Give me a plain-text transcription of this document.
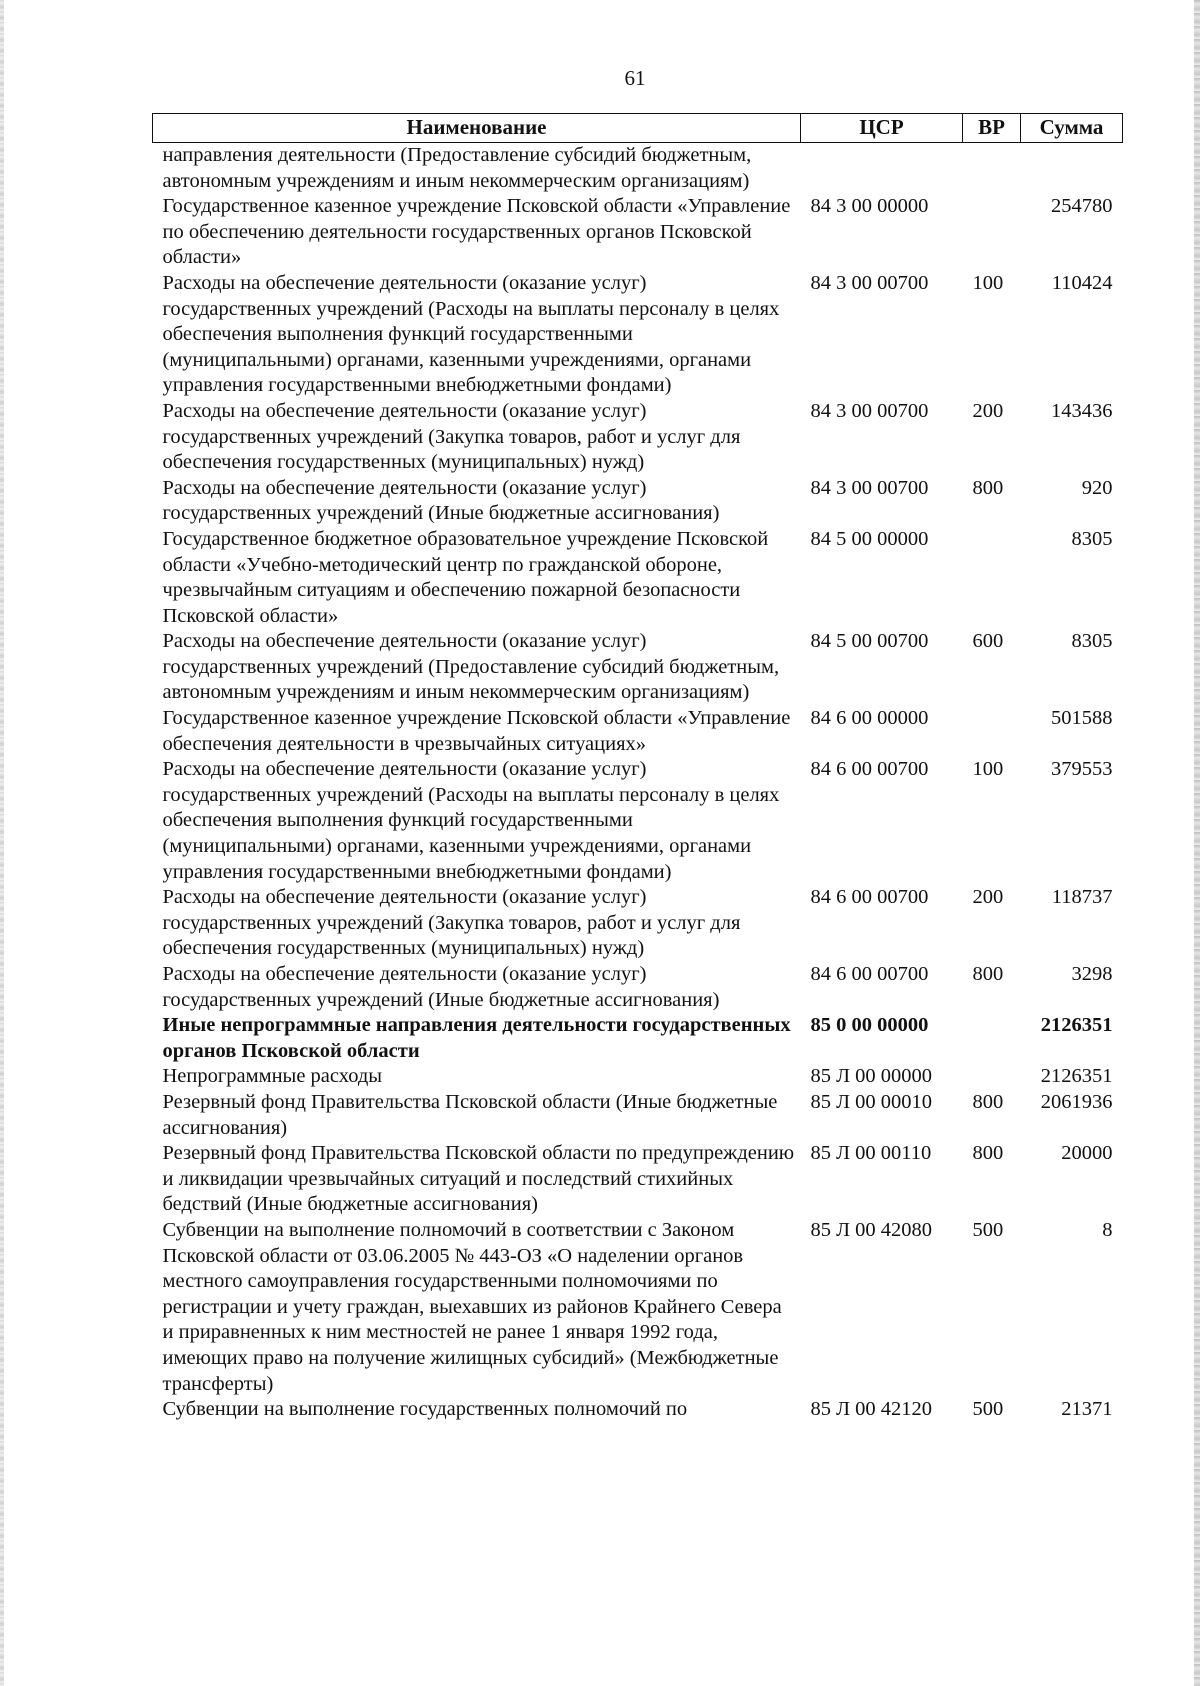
61
Наименование	ЦСР	ВР	Сумма
направления деятельности (Предоставление субсидий бюджетным, автономным учреждениям и иным некоммерческим организациям)			
Государственное казенное учреждение Псковской области «Управление по обеспечению деятельности государственных органов Псковской области»	84 3 00 00000		254780
Расходы на обеспечение деятельности (оказание услуг) государственных учреждений (Расходы на выплаты персоналу в целях обеспечения выполнения функций государственными (муниципальными) органами, казенными учреждениями, органами управления государственными внебюджетными фондами)	84 3 00 00700	100	110424
Расходы на обеспечение деятельности (оказание услуг) государственных учреждений (Закупка товаров, работ и услуг для обеспечения государственных (муниципальных) нужд)	84 3 00 00700	200	143436
Расходы на обеспечение деятельности (оказание услуг) государственных учреждений (Иные бюджетные ассигнования)	84 3 00 00700	800	920
Государственное бюджетное образовательное учреждение Псковской области «Учебно-методический центр по гражданской обороне, чрезвычайным ситуациям и обеспечению пожарной безопасности Псковской области»	84 5 00 00000		8305
Расходы на обеспечение деятельности (оказание услуг) государственных учреждений (Предоставление субсидий бюджетным, автономным учреждениям и иным некоммерческим организациям)	84 5 00 00700	600	8305
Государственное казенное учреждение Псковской области «Управление обеспечения деятельности в чрезвычайных ситуациях»	84 6 00 00000		501588
Расходы на обеспечение деятельности (оказание услуг) государственных учреждений (Расходы на выплаты персоналу в целях обеспечения выполнения функций государственными (муниципальными) органами, казенными учреждениями, органами управления государственными внебюджетными фондами)	84 6 00 00700	100	379553
Расходы на обеспечение деятельности (оказание услуг) государственных учреждений (Закупка товаров, работ и услуг для обеспечения государственных (муниципальных) нужд)	84 6 00 00700	200	118737
Расходы на обеспечение деятельности (оказание услуг) государственных учреждений (Иные бюджетные ассигнования)	84 6 00 00700	800	3298
Иные непрограммные направления деятельности государственных органов Псковской области	85 0 00 00000		2126351
Непрограммные расходы	85 Л 00 00000		2126351
Резервный фонд Правительства Псковской области (Иные бюджетные ассигнования)	85 Л 00 00010	800	2061936
Резервный фонд Правительства Псковской области по предупреждению и ликвидации чрезвычайных ситуаций и последствий стихийных бедствий (Иные бюджетные ассигнования)	85 Л 00 00110	800	20000
Субвенции на выполнение полномочий в соответствии с Законом Псковской области от 03.06.2005 № 443-ОЗ «О наделении органов местного самоуправления государственными полномочиями по регистрации и учету граждан, выехавших из районов Крайнего Севера и приравненных к ним местностей не ранее 1 января 1992 года, имеющих право на получение жилищных субсидий» (Межбюджетные трансферты)	85 Л 00 42080	500	8
Субвенции на выполнение государственных полномочий по	85 Л 00 42120	500	21371
